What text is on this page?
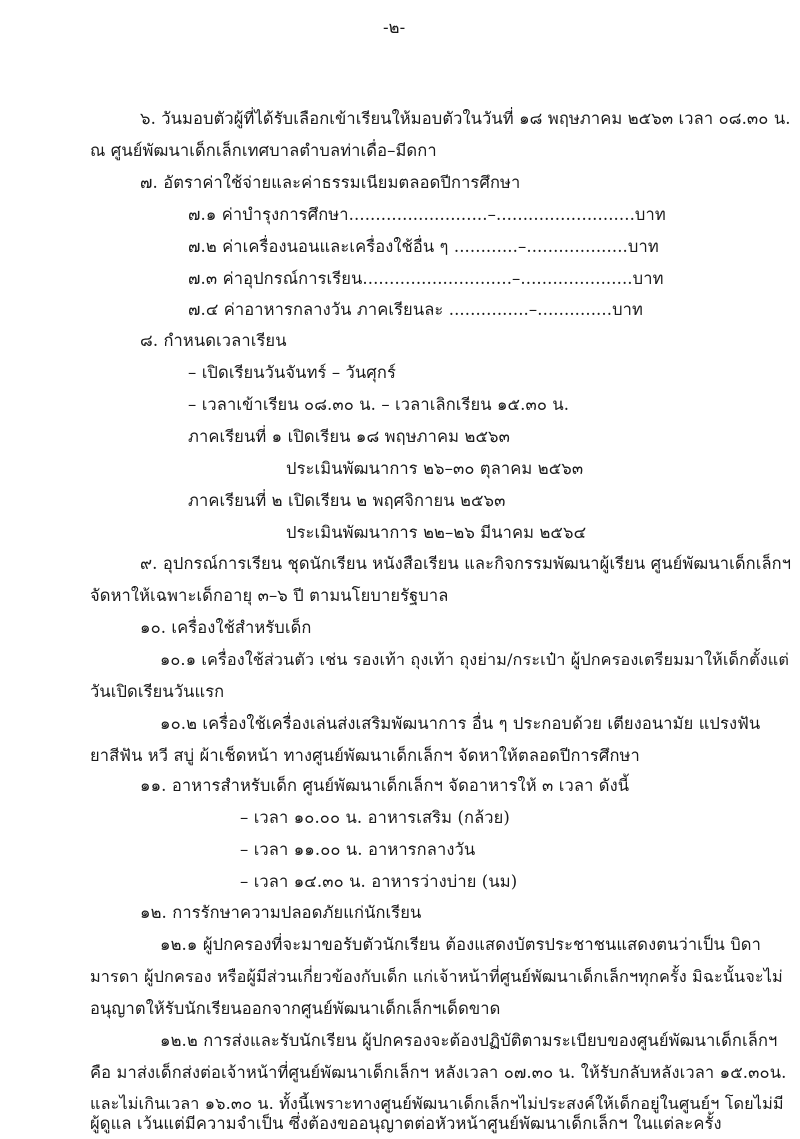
-๒-
๖. วันมอบตัวผู้ที่ได้รับเลือกเข้าเรียนให้มอบตัวในวันที่ ๑๘ พฤษภาคม ๒๕๖๓ เวลา ๐๘.๓๐ น.
ณ ศูนย์พัฒนาเด็กเล็กเทศบาลตำบลท่าเดื่อ–มีดกา
๗. อัตราค่าใช้จ่ายและค่าธรรมเนียมตลอดปีการศึกษา
๗.๑ ค่าบำรุงการศึกษา..........................–..........................บาท
๗.๒ ค่าเครื่องนอนและเครื่องใช้อื่น ๆ ............–...................บาท
๗.๓ ค่าอุปกรณ์การเรียน............................–.....................บาท
๗.๔ ค่าอาหารกลางวัน ภาคเรียนละ ...............–..............บาท
๘. กำหนดเวลาเรียน
– เปิดเรียนวันจันทร์ – วันศุกร์
– เวลาเข้าเรียน ๐๘.๓๐ น. – เวลาเลิกเรียน ๑๕.๓๐ น.
ภาคเรียนที่ ๑ เปิดเรียน ๑๘ พฤษภาคม ๒๕๖๓
ประเมินพัฒนาการ ๒๖–๓๐ ตุลาคม ๒๕๖๓
ภาคเรียนที่ ๒ เปิดเรียน ๒ พฤศจิกายน ๒๕๖๓
ประเมินพัฒนาการ ๒๒–๒๖ มีนาคม ๒๕๖๔
๙. อุปกรณ์การเรียน ชุดนักเรียน หนังสือเรียน และกิจกรรมพัฒนาผู้เรียน ศูนย์พัฒนาเด็กเล็กฯ
จัดหาให้เฉพาะเด็กอายุ ๓–๖ ปี ตามนโยบายรัฐบาล
๑๐. เครื่องใช้สำหรับเด็ก
๑๐.๑ เครื่องใช้ส่วนตัว เช่น รองเท้า ถุงเท้า ถุงย่าม/กระเป๋า ผู้ปกครองเตรียมมาให้เด็กตั้งแต่
วันเปิดเรียนวันแรก
๑๐.๒ เครื่องใช้เครื่องเล่นส่งเสริมพัฒนาการ อื่น ๆ ประกอบด้วย เตียงอนามัย แปรงฟัน
ยาสีฟัน หวี สบู่ ผ้าเช็ดหน้า ทางศูนย์พัฒนาเด็กเล็กฯ จัดหาให้ตลอดปีการศึกษา
๑๑. อาหารสำหรับเด็ก ศูนย์พัฒนาเด็กเล็กฯ จัดอาหารให้ ๓ เวลา ดังนี้
– เวลา ๑๐.๐๐ น. อาหารเสริม (กล้วย)
– เวลา ๑๑.๐๐ น. อาหารกลางวัน
– เวลา ๑๔.๓๐ น. อาหารว่างบ่าย (นม)
๑๒. การรักษาความปลอดภัยแก่นักเรียน
๑๒.๑ ผู้ปกครองที่จะมาขอรับตัวนักเรียน ต้องแสดงบัตรประชาชนแสดงตนว่าเป็น บิดา
มารดา ผู้ปกครอง หรือผู้มีส่วนเกี่ยวข้องกับเด็ก แก่เจ้าหน้าที่ศูนย์พัฒนาเด็กเล็กฯทุกครั้ง มิฉะนั้นจะไม่
อนุญาตให้รับนักเรียนออกจากศูนย์พัฒนาเด็กเล็กฯเด็ดขาด
๑๒.๒ การส่งและรับนักเรียน ผู้ปกครองจะต้องปฏิบัติตามระเบียบของศูนย์พัฒนาเด็กเล็กฯ
คือ มาส่งเด็กส่งต่อเจ้าหน้าที่ศูนย์พัฒนาเด็กเล็กฯ หลังเวลา ๐๗.๓๐ น. ให้รับกลับหลังเวลา ๑๕.๓๐น.
และไม่เกินเวลา ๑๖.๓๐ น. ทั้งนี้เพราะทางศูนย์พัฒนาเด็กเล็กฯไม่ประสงค์ให้เด็กอยู่ในศูนย์ฯ โดยไม่มี
ผู้ดูแล เว้นแต่มีความจำเป็น ซึ่งต้องขออนุญาตต่อหัวหน้าศูนย์พัฒนาเด็กเล็กฯ ในแต่ละครั้ง
